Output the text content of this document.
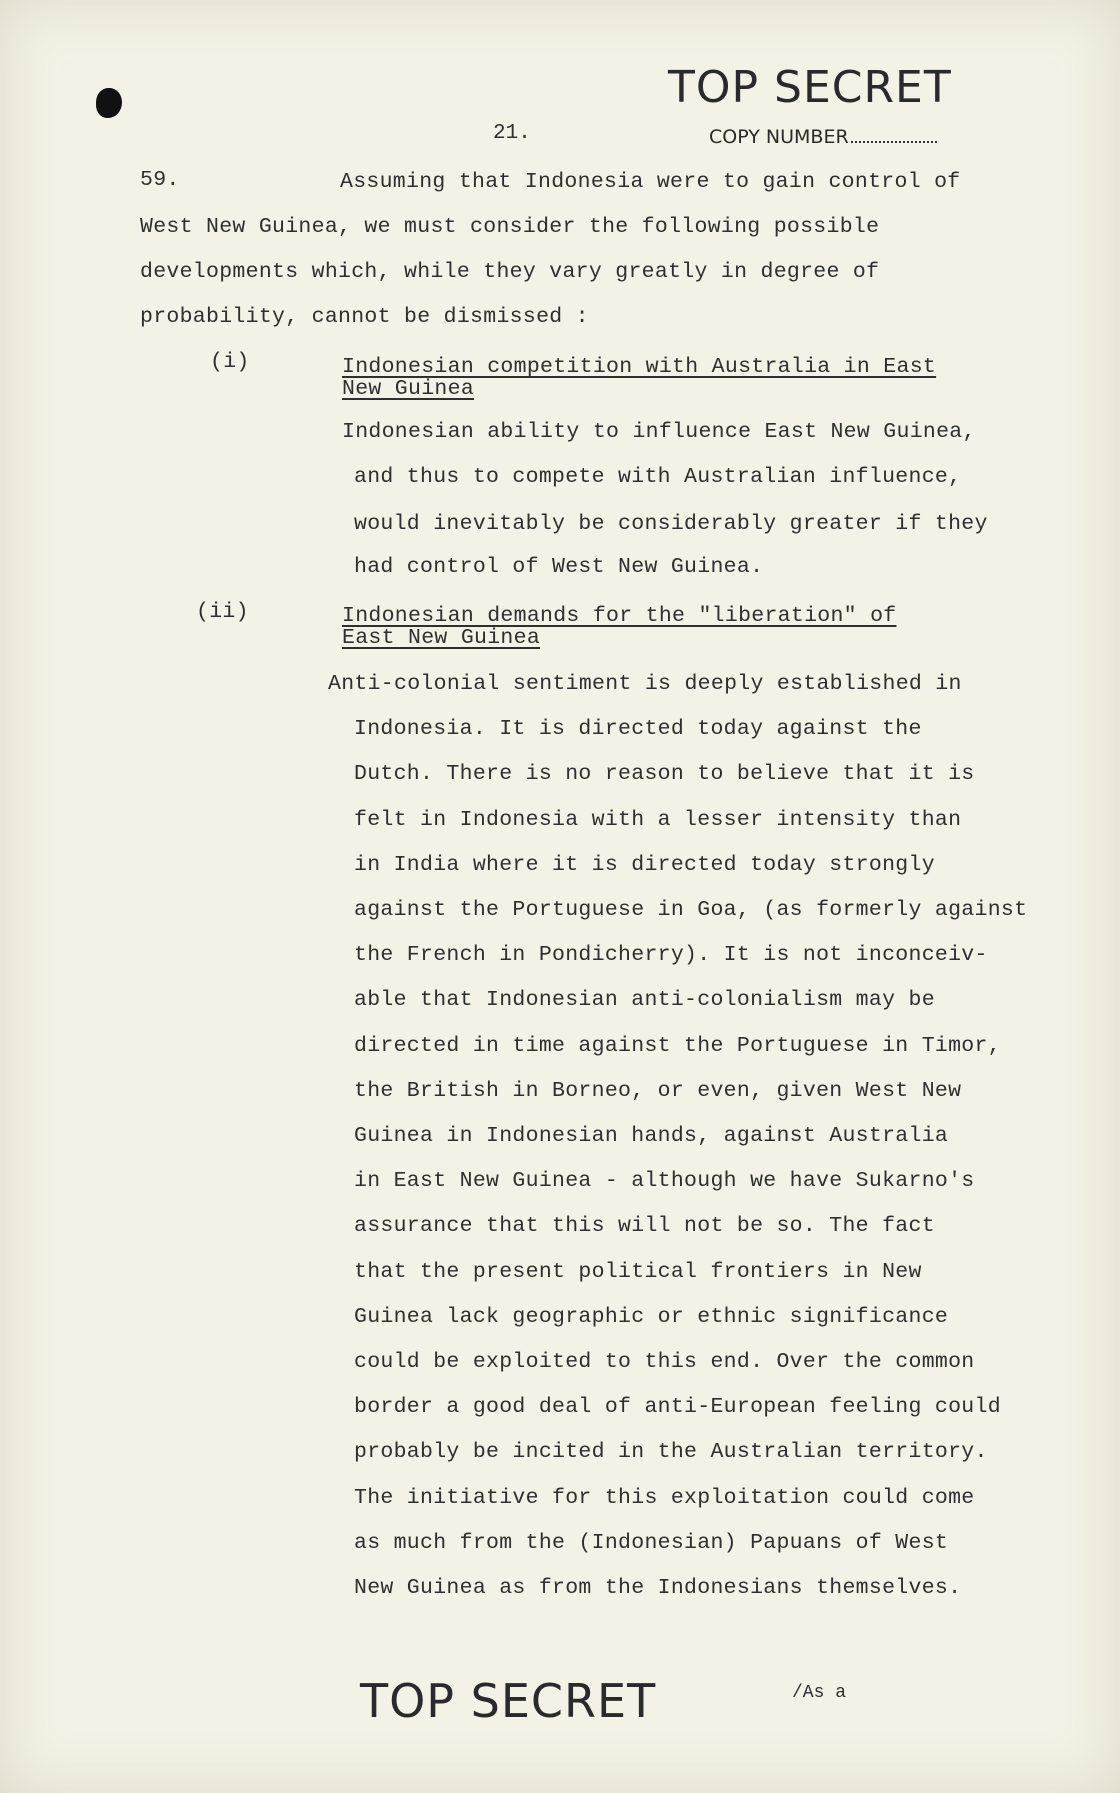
TOP SECRET
21.	COPY NUMBER
59.	Assuming that Indonesia were to gain control of
West New Guinea, we must consider the following possible
developments which, while they vary greatly in degree of
probability, cannot be dismissed :
(i)	Indonesian competition with Australia in East
New Guinea
Indonesian ability to influence East New Guinea,
and thus to compete with Australian influence,
would inevitably be considerably greater if they
had control of West New Guinea.
(ii)	Indonesian demands for the "liberation" of
East New Guinea
Anti-colonial sentiment is deeply established in
Indonesia. It is directed today against the
Dutch. There is no reason to believe that it is
felt in Indonesia with a lesser intensity than
in India where it is directed today strongly
against the Portuguese in Goa, (as formerly against
the French in Pondicherry). It is not inconceiv-
able that Indonesian anti-colonialism may be
directed in time against the Portuguese in Timor,
the British in Borneo, or even, given West New
Guinea in Indonesian hands, against Australia
in East New Guinea - although we have Sukarno's
assurance that this will not be so. The fact
that the present political frontiers in New
Guinea lack geographic or ethnic significance
could be exploited to this end. Over the common
border a good deal of anti-European feeling could
probably be incited in the Australian territory.
The initiative for this exploitation could come
as much from the (Indonesian) Papuans of West
New Guinea as from the Indonesians themselves.
TOP SECRET	/As a
